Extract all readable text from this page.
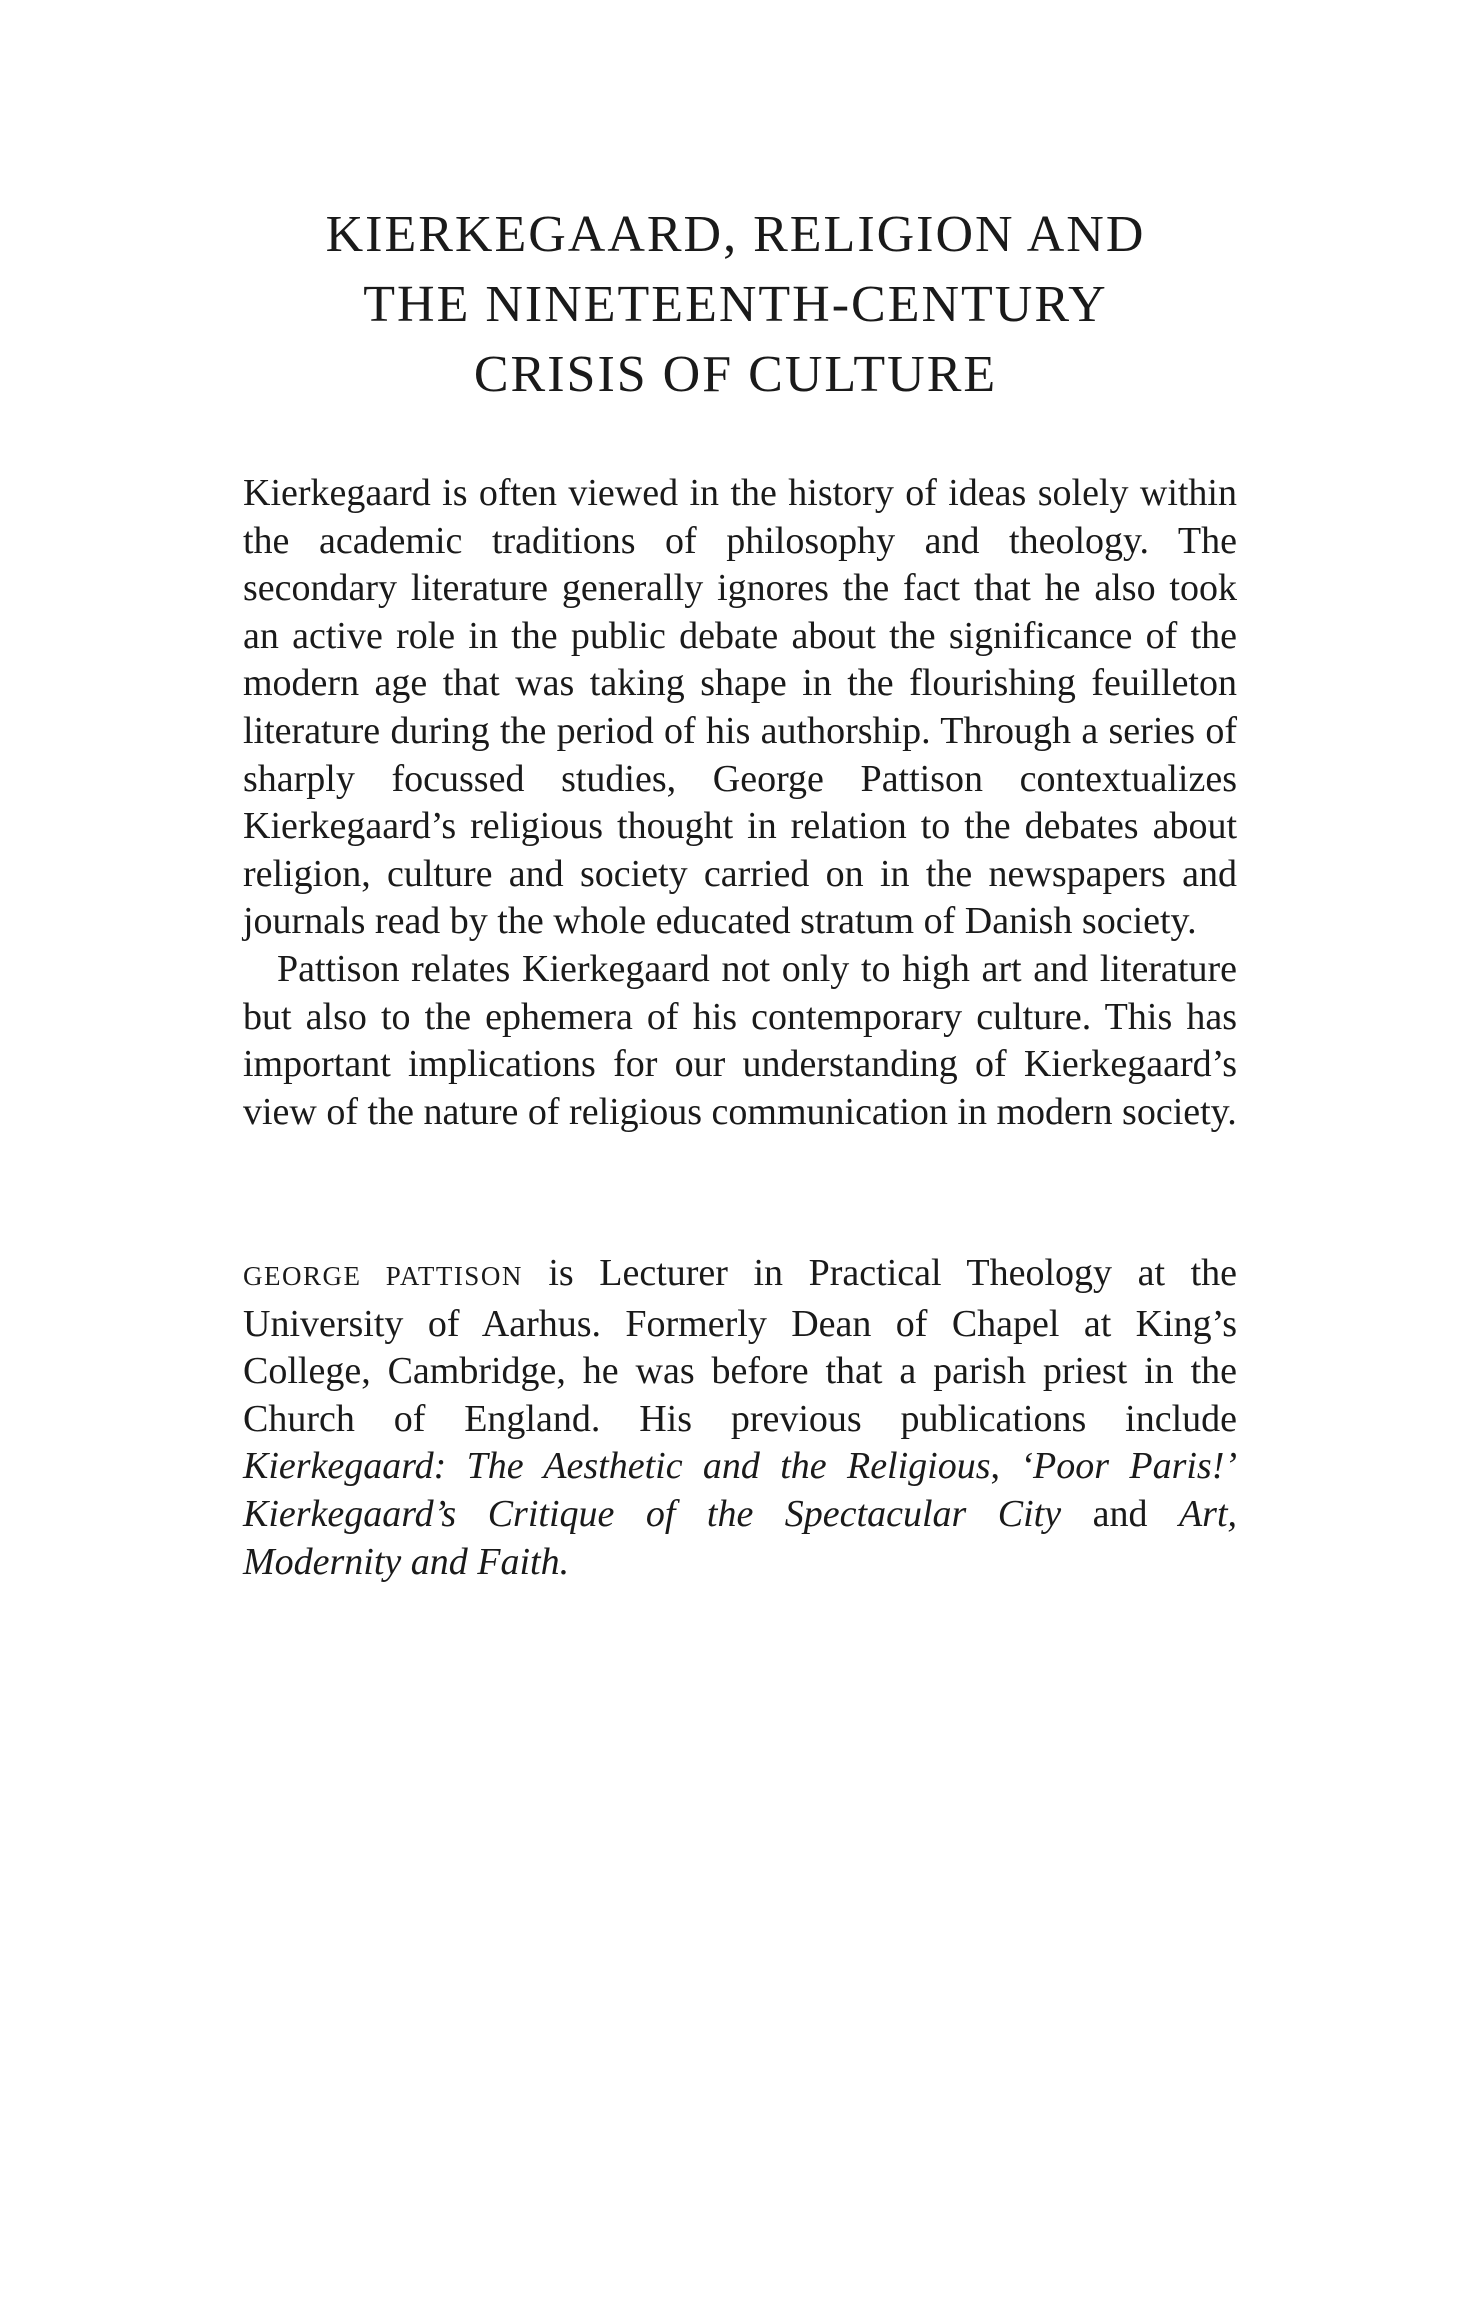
KIERKEGAARD, RELIGION AND
THE NINETEENTH-CENTURY
CRISIS OF CULTURE

Kierkegaard is often viewed in the history of ideas solely within the academic traditions of philosophy and theology. The secondary literature generally ignores the fact that he also took an active role in the public debate about the significance of the modern age that was taking shape in the flourishing feuilleton literature during the period of his authorship. Through a series of sharply focussed studies, George Pattison contextualizes Kierkegaard’s religious thought in relation to the debates about religion, culture and society carried on in the newspapers and journals read by the whole educated stratum of Danish society.

Pattison relates Kierkegaard not only to high art and literature but also to the ephemera of his contemporary culture. This has important implications for our understanding of Kierkegaard’s view of the nature of religious communication in modern society.

GEORGE PATTISON is Lecturer in Practical Theology at the University of Aarhus. Formerly Dean of Chapel at King’s College, Cambridge, he was before that a parish priest in the Church of England. His previous publications include Kierkegaard: The Aesthetic and the Religious, ‘Poor Paris!’ Kierkegaard’s Critique of the Spectacular City and Art, Modernity and Faith.
